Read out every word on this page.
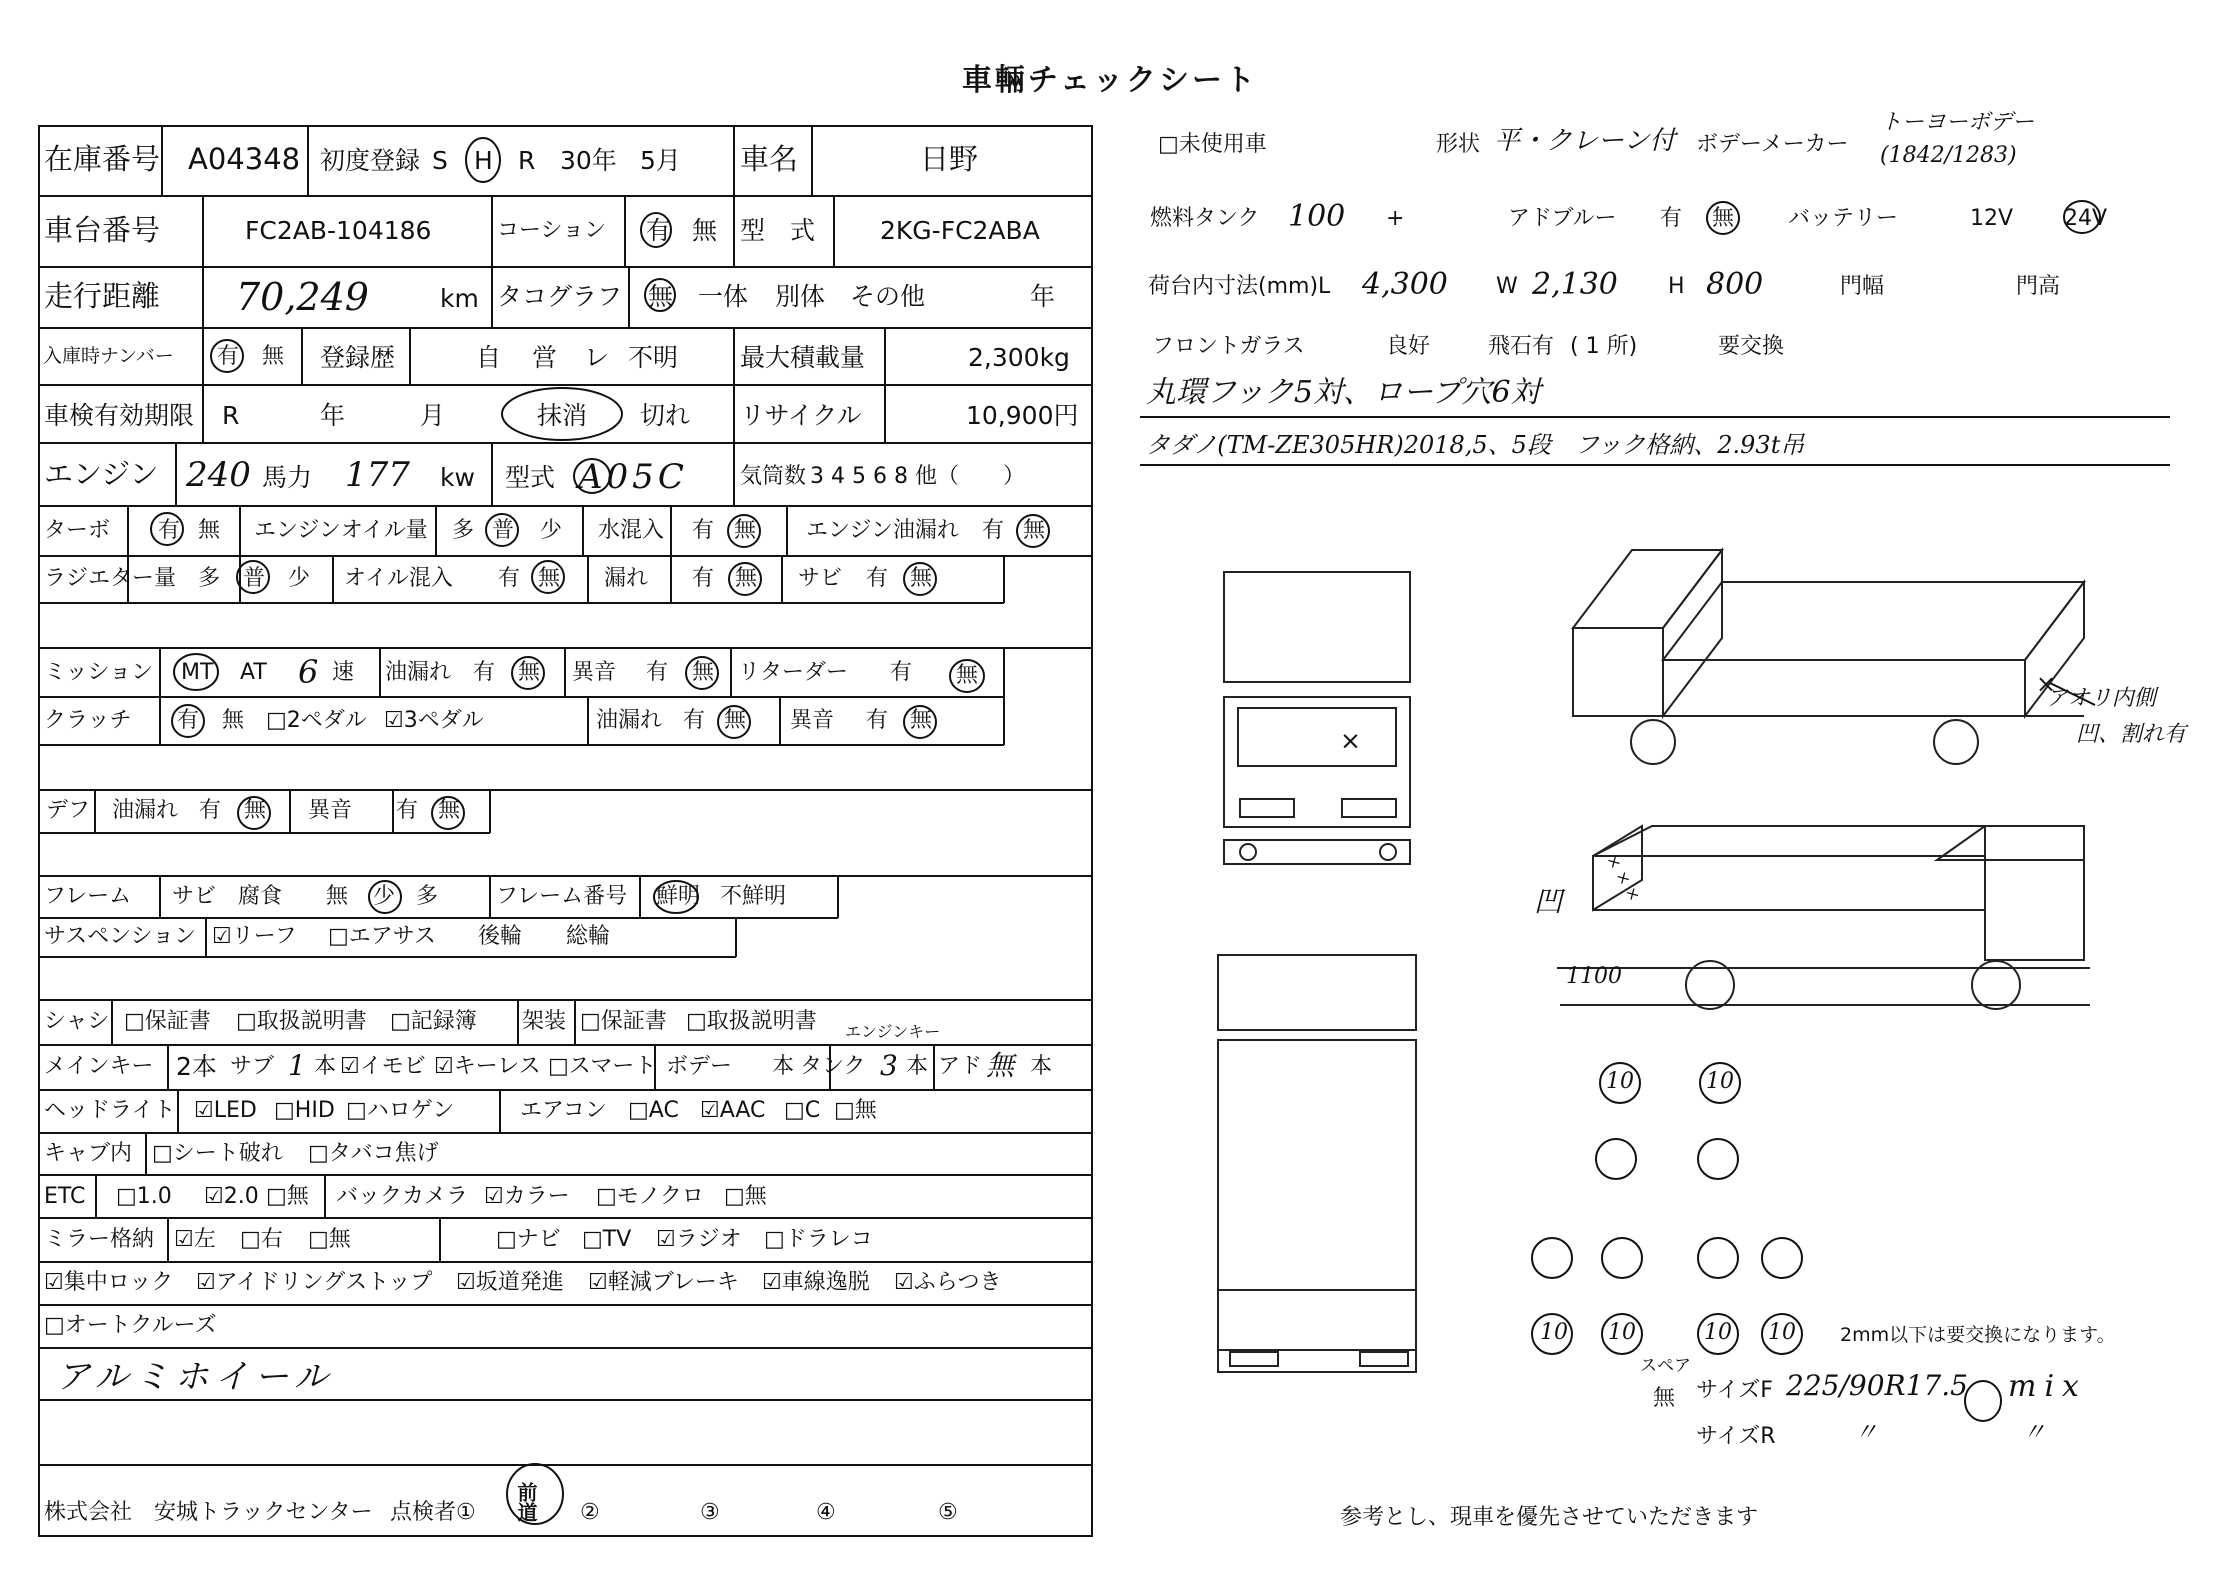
車輛チェックシート
在庫番号 A04348 初度登録 S H R 30年 5月 車名	日野
車台番号	FC2AB-104186	コーション 有 無 型　式	2KG-FC2ABA
走行距離 70,249	km タコグラフ 無 一体 別体 その他	年
入庫時ナンバー 有 無 登録歴	自 営 レ 不明 最大積載量	2,300kg
車検有効期限 R	年	月	抹消 切れ リサイクル	10,900円
エンジン 240 馬力 177 kw 型式 A05C 気筒数 3 4 5 6 8 他（　　）
ターボ 有 無 エンジンオイル量 多 普 少 水混入 有 無 エンジン油漏れ 有 無
ラジエター量 多 普 少 オイル混入 有 無 漏れ 有 無 サビ 有 無
ミッション MT AT 6 速 油漏れ 有 無 異音 有 無 リターダー 有 無
クラッチ 有 無 □2ペダル ☑3ペダル	油漏れ 有 無 異音 有 無
デフ 油漏れ 有 無 異音 有 無
フレーム サビ　腐食 無 少 多	フレーム番号 鮮明 不鮮明
サスペンション ☑リーフ □エアサス 後輪 総輪
シャシ □保証書 □取扱説明書 □記録簿 架装 □保証書 □取扱説明書 エンジンキー
メインキー 2本 サブ 1 本 ☑イモビ ☑キーレス □スマート ボデー 本 タンク 3 本 アド 無 本
ヘッドライト ☑LED □HID □ハロゲン	エアコン □AC ☑AAC □C □無
キャブ内 □シート破れ □タバコ焦げ
ETC □1.0 ☑2.0 □無 バックカメラ ☑カラー □モノクロ □無
ミラー格納 ☑左 □右 □無	□ナビ □TV ☑ラジオ □ドラレコ
☑集中ロック ☑アイドリングストップ ☑坂道発進 ☑軽減ブレーキ ☑車線逸脱 ☑ふらつき
□オートクルーズ
アルミホイール
株式会社　安城トラックセンター 点検者① 前道 ②	③	④	⑤
□未使用車	形状 平・クレーン付 ボデーメーカー
トーヨーボデー
(1842/1283)
燃料タンク 100 +	アドブルー 有 無 バッテリー	12V 24V
荷台内寸法(mm)L 4,300 W 2,130 H 800	門幅	門高
フロントガラス	良好	飛石有 ( 1 所)	要交換
丸環フック5対、ロープ穴6対
タダノ(TM-ZE305HR)2018,5、5段　フック格納、2.93t吊
アオリ内側
凹、割れ有
×
×
凹	× × ×
1100
10	10
10 10	10 10 2mm以下は要交換になります。
スペア
無 サイズF 225/90R17.5 mix
サイズR	〃	〃
参考とし、現車を優先させていただきます
